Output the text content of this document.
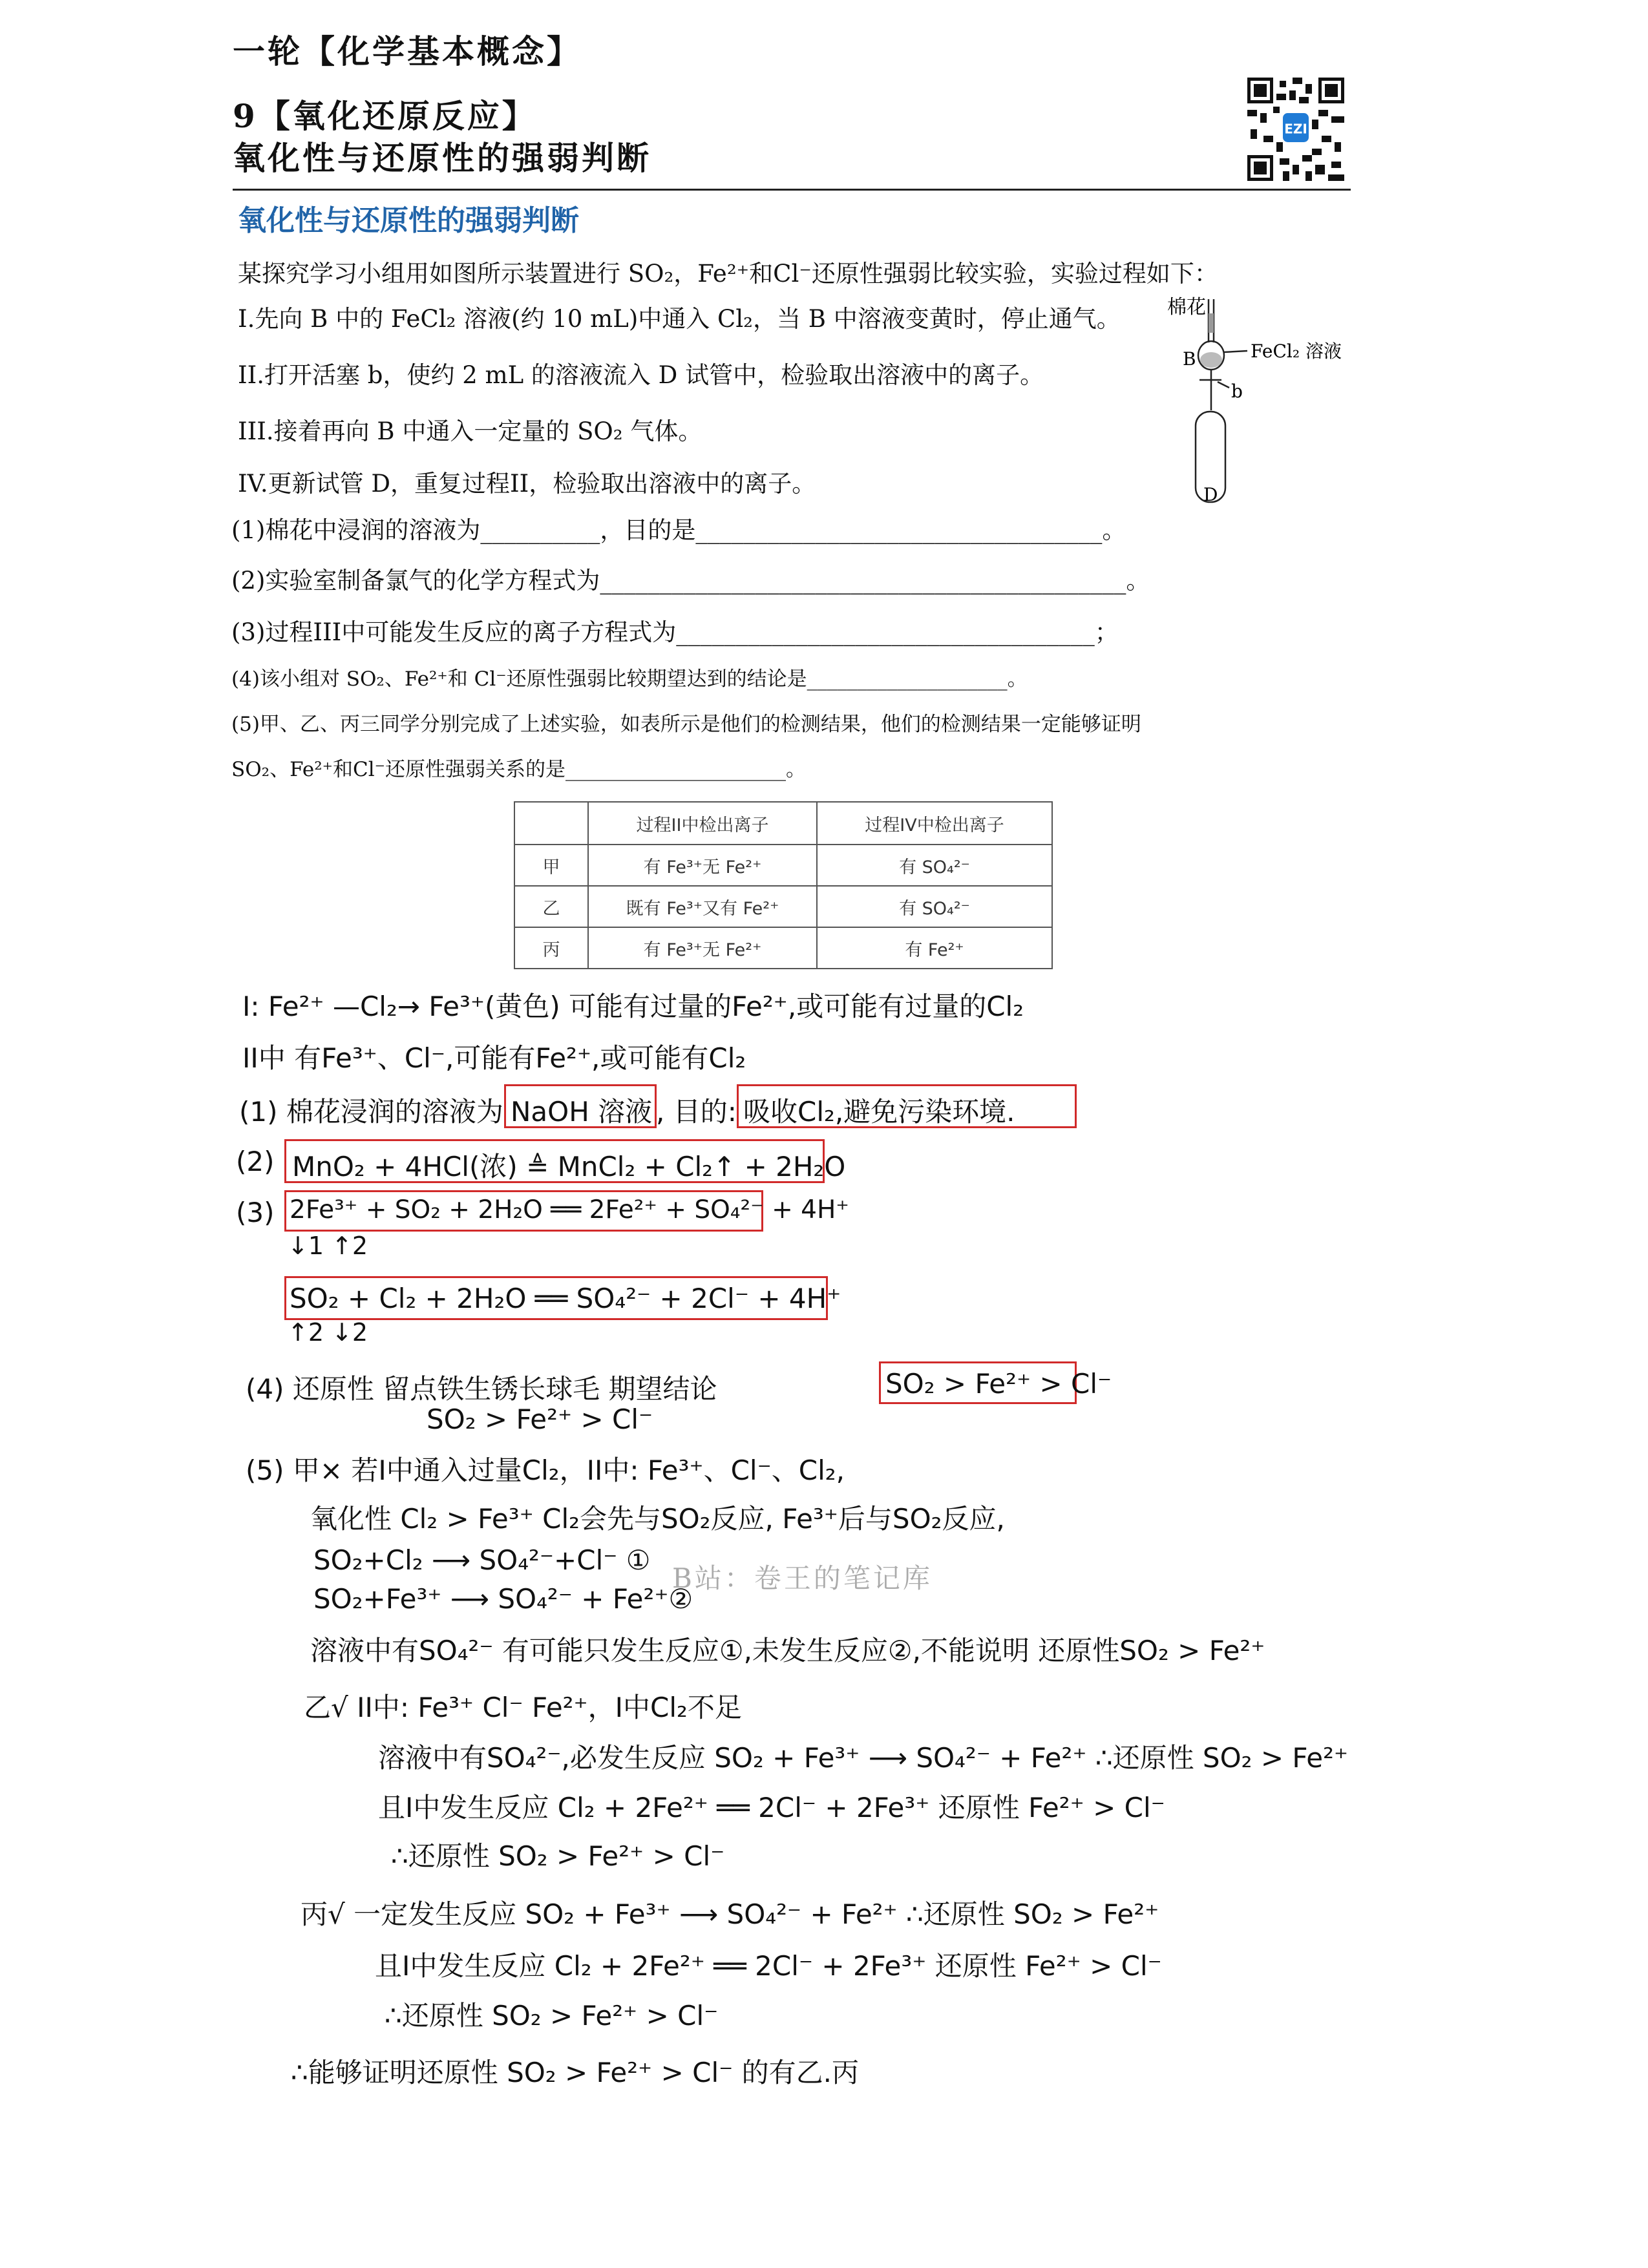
一轮【化学基本概念】
9【氧化还原反应】
氧化性与还原性的强弱判断
EZI
氧化性与还原性的强弱判断
某探究学习小组用如图所示装置进行 SO₂，Fe²⁺和Cl⁻还原性强弱比较实验，实验过程如下：
I.先向 B 中的 FeCl₂ 溶液(约 10 mL)中通入 Cl₂，当 B 中溶液变黄时，停止通气。
II.打开活塞 b，使约 2 mL 的溶液流入 D 试管中，检验取出溶液中的离子。
III.接着再向 B 中通入一定量的 SO₂ 气体。
IV.更新试管 D，重复过程II，检验取出溶液中的离子。
(1)棉花中浸润的溶液为__________，目的是__________________________________。
(2)实验室制备氯气的化学方程式为____________________________________________。
(3)过程III中可能发生反应的离子方程式为___________________________________；
(4)该小组对 SO₂、Fe²⁺和 Cl⁻还原性强弱比较期望达到的结论是____________________。
(5)甲、乙、丙三同学分别完成了上述实验，如表所示是他们的检测结果，他们的检测结果一定能够证明
SO₂、Fe²⁺和Cl⁻还原性强弱关系的是______________________。
棉花
B	FeCl₂ 溶液
b
D
	过程II中检出离子	过程IV中检出离子
甲	有 Fe³⁺无 Fe²⁺	有 SO₄²⁻
乙	既有 Fe³⁺又有 Fe²⁺	有 SO₄²⁻
丙	有 Fe³⁺无 Fe²⁺	有 Fe²⁺
I: Fe²⁺ —Cl₂→ Fe³⁺(黄色) 可能有过量的Fe²⁺,或可能有过量的Cl₂
II中 有Fe³⁺、Cl⁻,可能有Fe²⁺,或可能有Cl₂
(1) 棉花浸润的溶液为 NaOH 溶液 , 目的: 吸收Cl₂,避免污染环境.
(2) MnO₂ + 4HCl(浓) ≜ MnCl₂ + Cl₂↑ + 2H₂O
(3) 2Fe³⁺ + SO₂ + 2H₂O ══ 2Fe²⁺ + SO₄²⁻ + 4H⁺
↓1 ↑2
SO₂ + Cl₂ + 2H₂O ══ SO₄²⁻ + 2Cl⁻ + 4H⁺
↑2 ↓2
(4) 还原性 留点铁生锈长球毛 期望结论	SO₂ > Fe²⁺ > Cl⁻
SO₂ > Fe²⁺ > Cl⁻
(5) 甲× 若I中通入过量Cl₂，II中: Fe³⁺、Cl⁻、Cl₂,
氧化性 Cl₂ > Fe³⁺ Cl₂会先与SO₂反应, Fe³⁺后与SO₂反应,
SO₂+Cl₂ ⟶ SO₄²⁻+Cl⁻ ①
SO₂+Fe³⁺ ⟶ SO₄²⁻ + Fe²⁺②
溶液中有SO₄²⁻ 有可能只发生反应①,未发生反应②,不能说明 还原性SO₂ > Fe²⁺
B站：卷王的笔记库
乙√ II中: Fe³⁺ Cl⁻ Fe²⁺，I中Cl₂不足
溶液中有SO₄²⁻,必发生反应 SO₂ + Fe³⁺ ⟶ SO₄²⁻ + Fe²⁺ ∴还原性 SO₂ > Fe²⁺
且I中发生反应 Cl₂ + 2Fe²⁺ ══ 2Cl⁻ + 2Fe³⁺ 还原性 Fe²⁺ > Cl⁻
∴还原性 SO₂ > Fe²⁺ > Cl⁻
丙√ 一定发生反应 SO₂ + Fe³⁺ ⟶ SO₄²⁻ + Fe²⁺ ∴还原性 SO₂ > Fe²⁺
且I中发生反应 Cl₂ + 2Fe²⁺ ══ 2Cl⁻ + 2Fe³⁺ 还原性 Fe²⁺ > Cl⁻
∴还原性 SO₂ > Fe²⁺ > Cl⁻
∴能够证明还原性 SO₂ > Fe²⁺ > Cl⁻ 的有乙.丙
